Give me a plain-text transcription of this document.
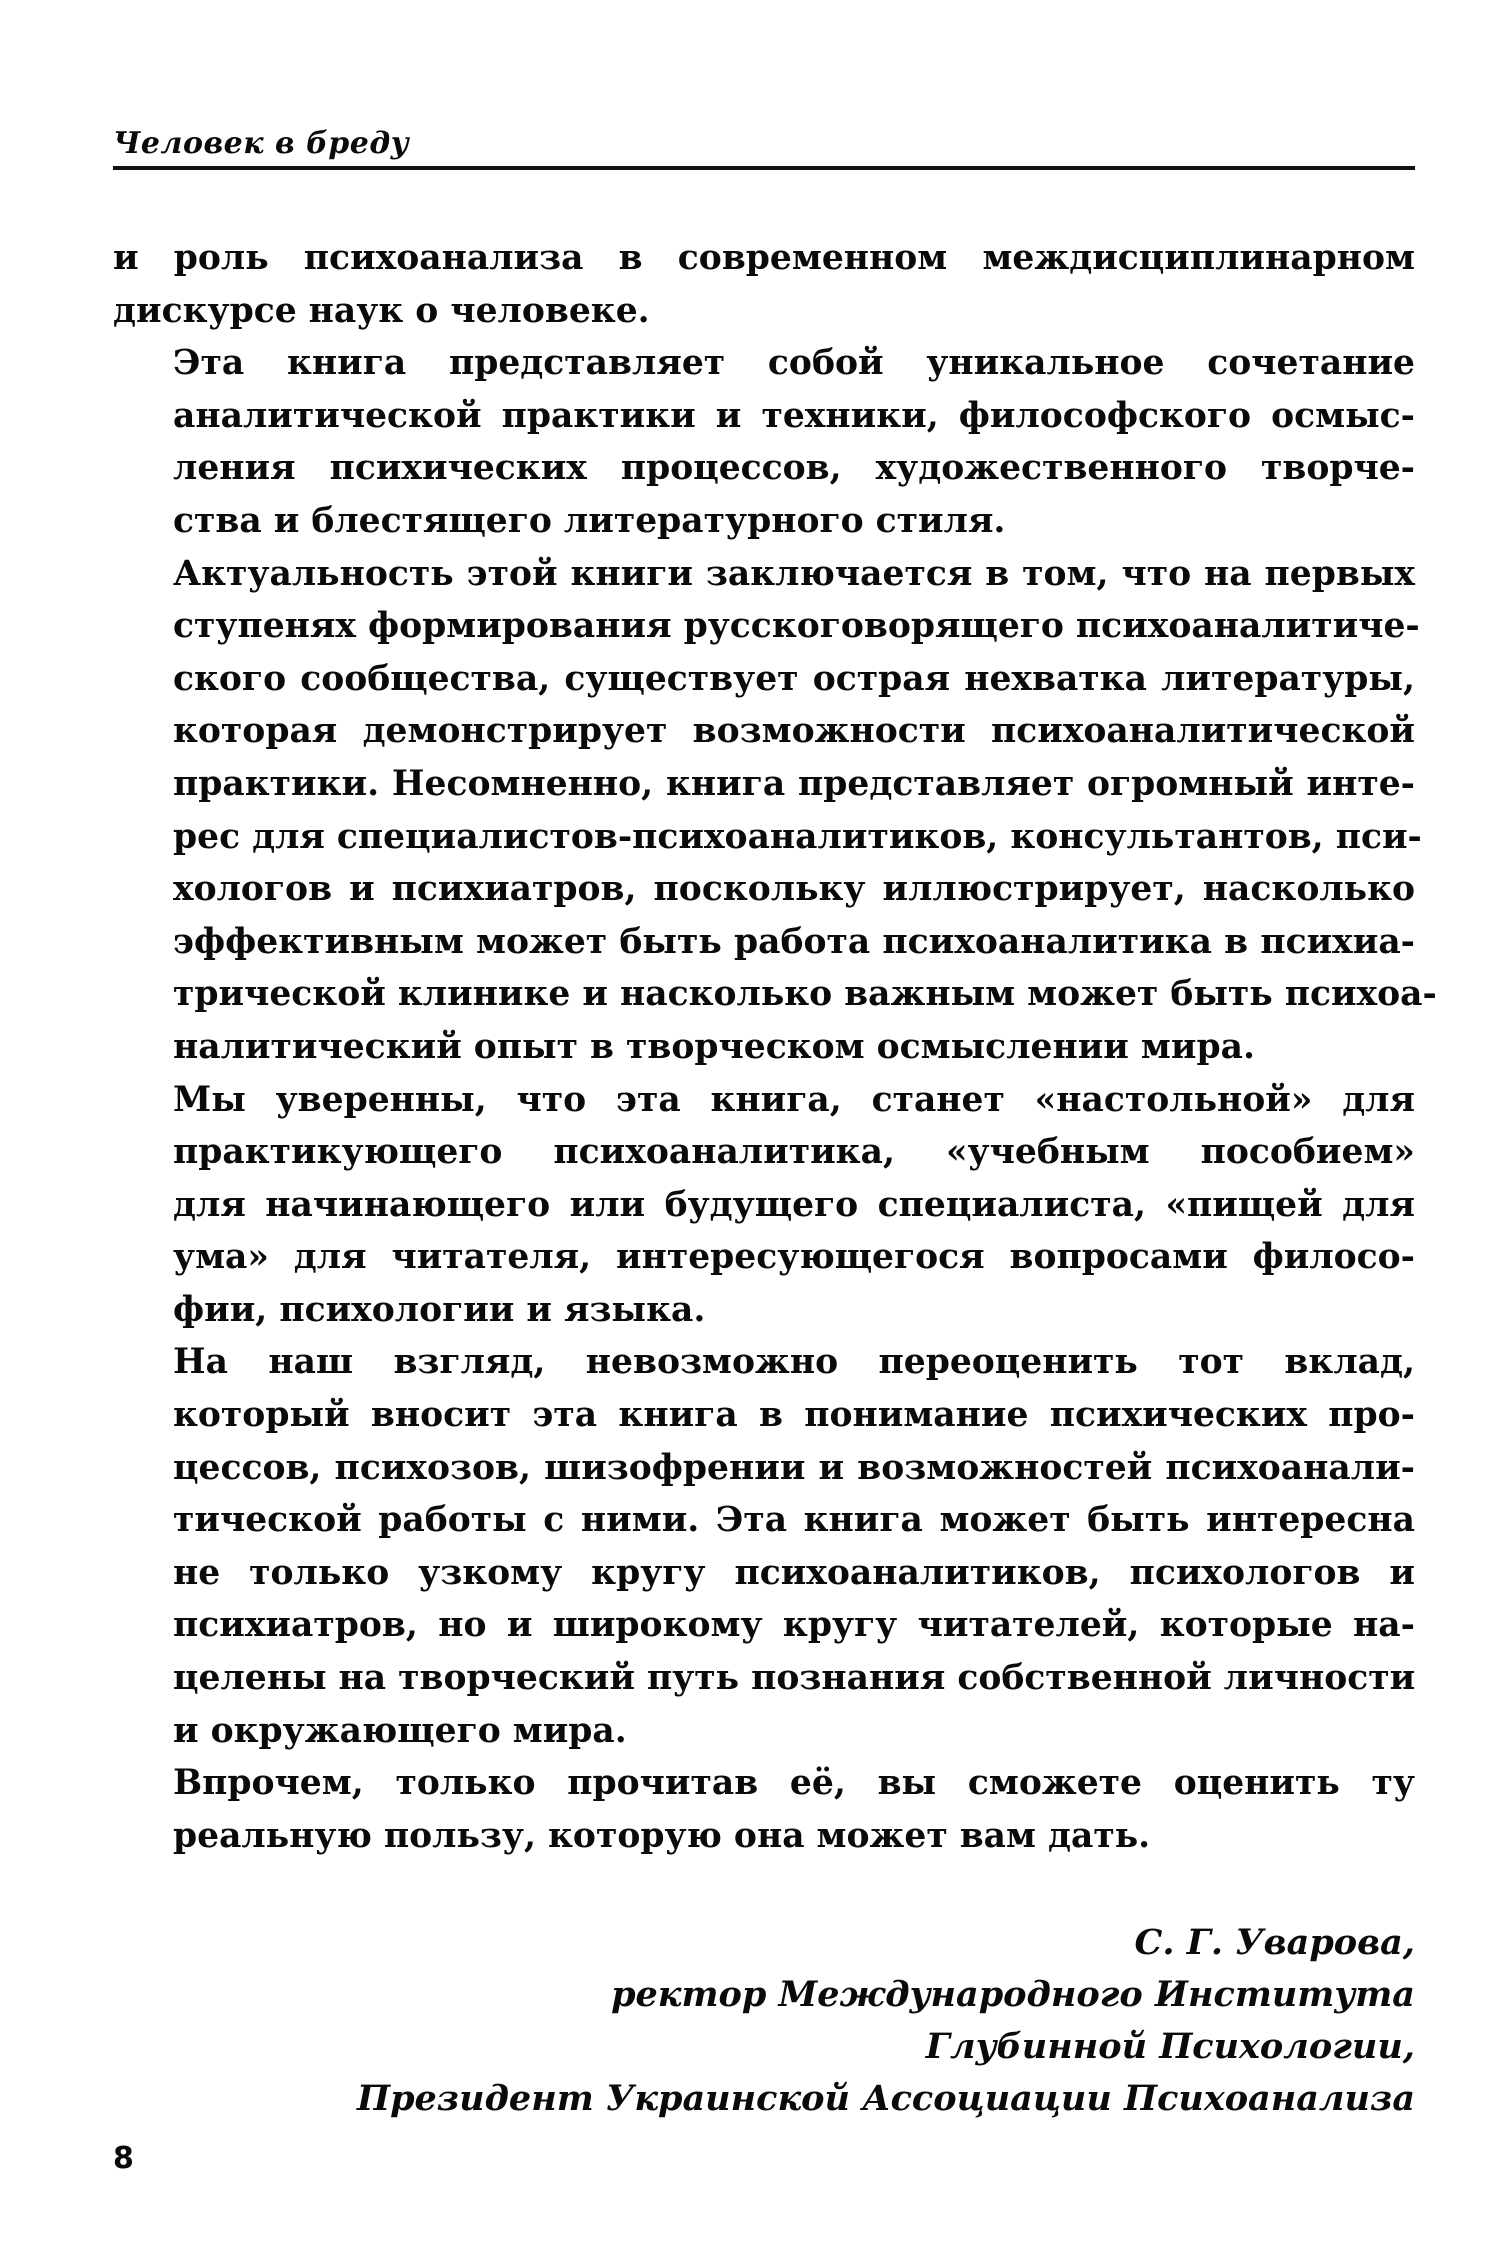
Человек в бреду

и роль психоанализа в современном междисциплинарном
дискурсе наук о человеке.

Эта книга представляет собой уникальное сочетание
аналитической практики и техники, философского осмыс-
ления психических процессов, художественного творче-
ства и блестящего литературного стиля.

Актуальность этой книги заключается в том, что на первых
ступенях формирования русскоговорящего психоаналитиче-
ского сообщества, существует острая нехватка литературы,
которая демонстрирует возможности психоаналитической
практики. Несомненно, книга представляет огромный инте-
рес для специалистов-психоаналитиков, консультантов, пси-
хологов и психиатров, поскольку иллюстрирует, насколько
эффективным может быть работа психоаналитика в психиа-
трической клинике и насколько важным может быть психоа-
налитический опыт в творческом осмыслении мира.

Мы уверенны, что эта книга, станет «настольной» для
практикующего психоаналитика, «учебным пособием»
для начинающего или будущего специалиста, «пищей для
ума» для читателя, интересующегося вопросами филосо-
фии, психологии и языка.

На наш взгляд, невозможно переоценить тот вклад,
который вносит эта книга в понимание психических про-
цессов, психозов, шизофрении и возможностей психоанали-
тической работы с ними. Эта книга может быть интересна
не только узкому кругу психоаналитиков, психологов и
психиатров, но и широкому кругу читателей, которые на-
целены на творческий путь познания собственной личности
и окружающего мира.

Впрочем, только прочитав её, вы сможете оценить ту
реальную пользу, которую она может вам дать.

С. Г. Уварова,
ректор Международного Института
Глубинной Психологии,
Президент Украинской Ассоциации Психоанализа
8
